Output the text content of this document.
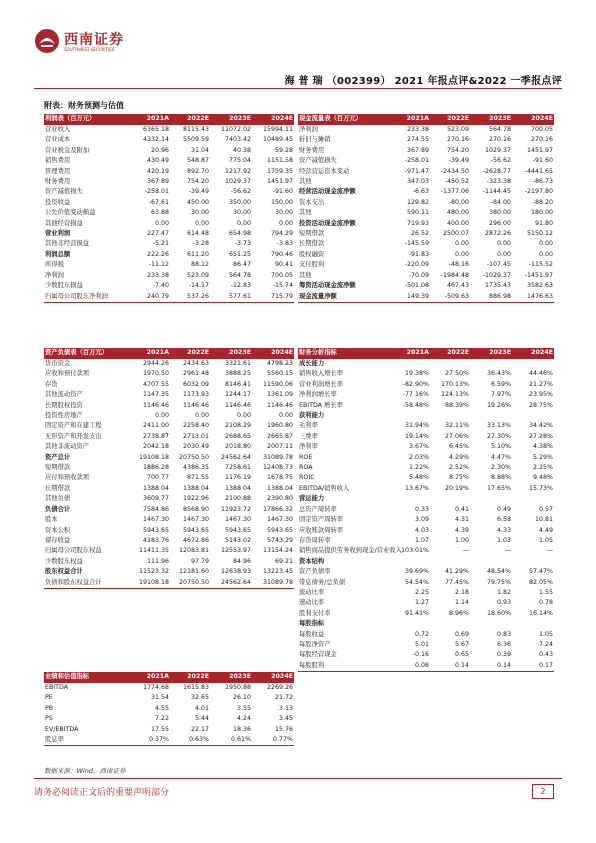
西南证券
SOUTHWEST SECURITIES
海 普 瑞 （002399） 2021 年报点评&2022 一季报点评
附表：财务预测与估值
利润表（百万元）	2021A	2022E	2023E	2024E
营业收入	6365.18	8115.43	11072.02	15994.11
营业成本	4332.14	5509.59	7403.42	10489.45
营业税金及附加	20.96	31.04	40.38	59.28
销售费用	430.49	548.87	775.04	1151.58
管理费用	420.19	892.70	1217.92	1759.35
财务费用	367.89	754.20	1029.37	1451.97
资产减值损失	-258.01	-39.49	-56.62	-91.60
投资收益	-67.61	450.00	350.00	150.00
公允价值变动损益	63.88	30.00	30.00	30.00
其他经营损益	0.00	0.00	0.00	0.00
营业利润	227.47	614.48	654.98	794.29
其他非经营损益	-5.21	-3.28	-3.73	-3.83
利润总额	222.26	611.20	651.25	790.46
所得税	-11.12	88.12	86.47	90.41
净利润	233.38	523.09	564.78	700.05
少数股东损益	-7.40	-14.17	-12.83	-15.74
归属母公司股东净利润	240.79	537.26	577.61	715.79
现金流量表（百万元）	2021A	2022E	2023E	2024E
净利润	233.38	523.09	564.78	700.05
折旧与摊销	274.55	270.16	270.16	270.16
财务费用	367.89	754.20	1029.37	1451.97
资产减值损失	-258.01	-39.49	-56.62	-91.60
经营营运资本变动	-971.47	-2434.50	-2628.77	-4441.65
其他	347.03	-450.52	-323.38	-86.73
经营活动现金流净额	-6.63	-1377.06	-1144.45	-2197.80
资本支出	129.82	-80.00	-84.00	-88.20
其他	590.11	480.00	380.00	180.00
投资活动现金流净额	719.93	400.00	296.00	91.80
短期借款	26.52	2500.07	2872.26	5150.12
长期借款	-145.59	0.00	0.00	0.00
股权融资	-91.83	0.00	0.00	0.00
支付股利	-220.09	-48.16	-107.45	-115.52
其他	-70.09	-1984.48	-1029.37	-1451.97
筹资活动现金流净额	-501.08	467.43	1735.43	3582.63
现金流量净额	149.39	-509.63	886.98	1476.63
资产负债表（百万元）	2021A	2022E	2023E	2024E
货币资金	2944.26	2434.63	3321.61	4798.23
应收和预付款项	1970.50	2961.48	3888.25	5560.15
存货	4707.55	6032.09	8146.41	11590.06
其他流动资产	1147.35	1173.93	1244.17	1361.09
长期股权投资	1146.46	1146.46	1146.46	1146.46
投资性房地产	0.00	0.00	0.00	0.00
固定资产和在建工程	2411.00	2258.40	2108.29	1960.80
无形资产和开发支出	2738.87	2713.01	2688.65	2665.87
其他非流动资产	2042.18	2030.49	2018.80	2007.11
资产总计	19108.18	20750.50	24562.64	31089.78
短期借款	1886.28	4386.35	7258.61	12408.73
应付和预收款项	700.77	871.55	1176.19	1678.75
长期借款	1388.04	1388.04	1388.04	1388.04
其他负债	3609.77	1922.96	2100.88	2390.80
负债合计	7584.86	8568.90	11923.72	17866.32
股本	1467.30	1467.30	1467.30	1467.30
资本公积	5943.65	5943.65	5943.65	5943.65
留存收益	4183.76	4672.86	5143.02	5743.29
归属母公司股东权益	11411.35	12083.81	12553.97	13154.24
少数股东权益	111.96	97.79	84.96	69.21
股东权益合计	11523.32	12181.60	12638.93	13223.45
负债和股东权益合计	19108.18	20750.50	24562.64	31089.78
财务分析指标	2021A	2022E	2023E	2024E
成长能力				
销售收入增长率	19.38%	27.50%	36.43%	44.46%
营业利润增长率	-82.90%	170.13%	6.59%	21.27%
净利润增长率	-77.16%	124.13%	7.97%	23.95%
EBITDA 增长率	-58.48%	88.39%	19.26%	28.75%
获利能力				
毛利率	31.94%	32.11%	33.13%	34.42%
三费率	19.14%	27.06%	27.30%	27.28%
净利率	3.67%	6.45%	5.10%	4.38%
ROE	2.03%	4.29%	4.47%	5.29%
ROA	1.22%	2.52%	2.30%	2.25%
ROIC	5.48%	8.75%	8.88%	9.48%
EBITDA/销售收入	13.67%	20.19%	17.65%	15.73%
营运能力				
总资产周转率	0.33	0.41	0.49	0.57
固定资产周转率	3.09	4.31	6.58	10.81
应收账款周转率	4.03	4.39	4.33	4.49
存货周转率	1.07	1.00	1.03	1.05
销售商品提供劳务收到现金/营业收入	103.01%	—	—	—
资本结构				
资产负债率	39.69%	41.29%	48.54%	57.47%
带息债务/总负债	54.54%	77.45%	79.75%	82.05%
流动比率	2.25	2.18	1.82	1.55
速动比率	1.27	1.14	0.93	0.78
股利支付率	91.41%	8.96%	18.60%	16.14%
每股指标				
每股收益	0.72	0.69	0.83	1.05
每股净资产	5.01	5.67	6.36	7.24
每股经营现金	-0.16	0.65	0.39	0.43
每股股利	0.08	0.14	0.14	0.17
业绩和估值指标	2021A	2022E	2023E	2024E
EBITDA	1774.68	1615.83	1950.88	2269.26
PE	31.54	32.65	26.10	21.72
PB	4.55	4.01	3.55	3.13
PS	7.22	5.44	4.24	3.45
EV/EBITDA	17.55	22.17	18.36	15.76
股息率	0.37%	0.63%	0.61%	0.77%
数据来源：Wind，西南证券
请务必阅读正文后的重要声明部分	2
